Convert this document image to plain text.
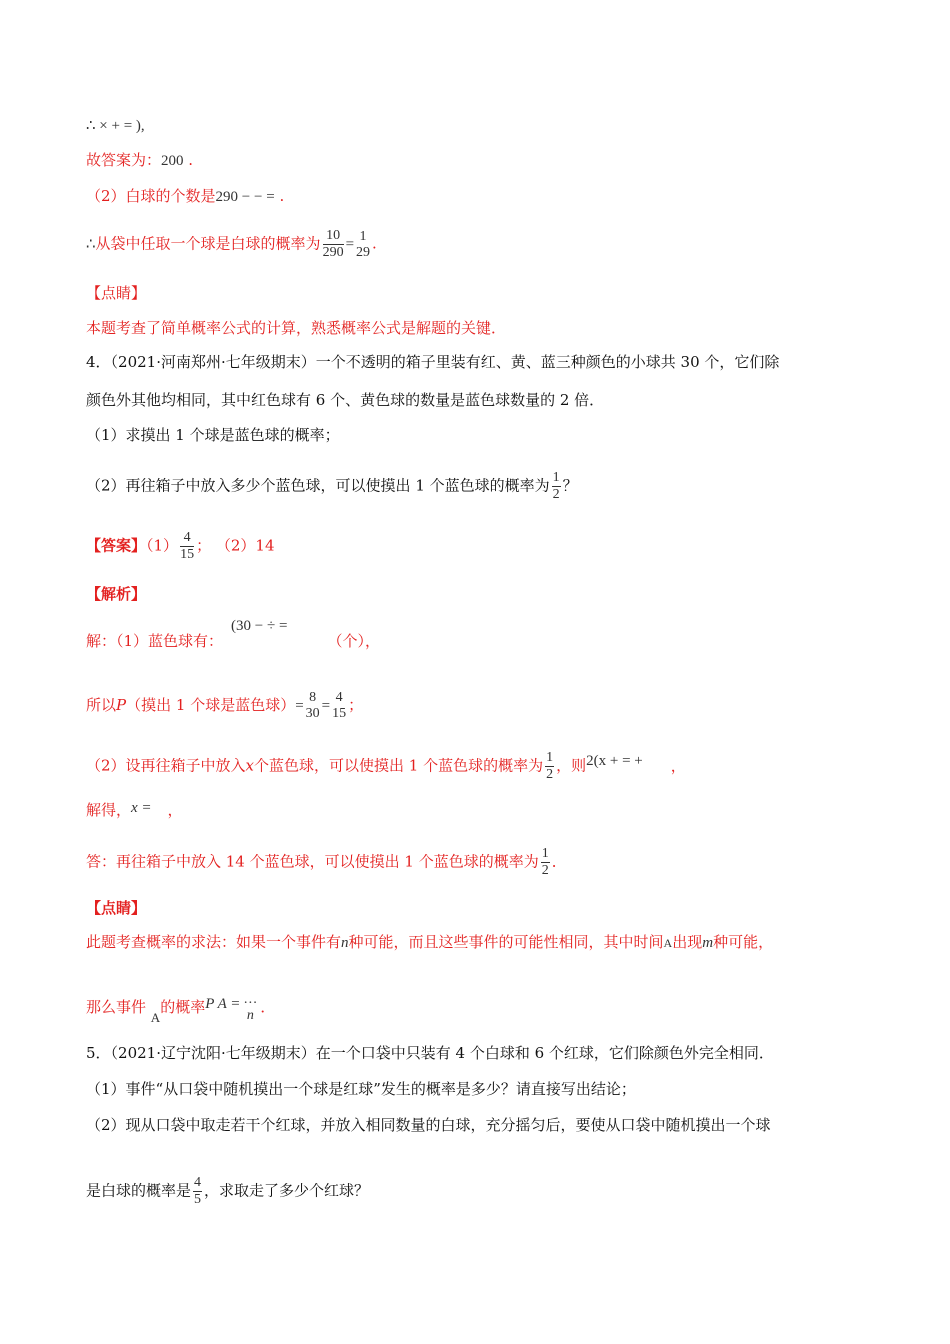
∴ × + = ),
故答案为：200 .
（2）白球的个数是290 − − = .
∴从袋中任取一个球是白球的概率为 $\frac{10}{290}$ =
1
29 .
【点睛】
本题考查了简单概率公式的计算，熟悉概率公式是解题的关键．
4．（2021·河南郑州·七年级期末）一个不透明的箱子里装有红、黄、蓝三种颜色的小球共 30 个，它们除
颜色外其他均相同，其中红色球有 6 个、黄色球的数量是蓝色球数量的 2 倍．
（1）求摸出 1 个球是蓝色球的概率；
（2）再往箱子中放入多少个蓝色球，可以使摸出 1 个蓝色球的概率为 $\frac{1}{2}$ ？
【答案】$(1) \frac{4}{15}$ ； （2）14
【解析】
解：（1）蓝色球有：(30 − ÷ =（个），
所以P（摸出 1 个球是蓝色球）=
8
30 =
4
15 ；
（2）设再往箱子中放入x个蓝色球，可以使摸出 1 个蓝色球的概率为 $\frac{1}{2}$ ，则2(x + = + ，
解得，x = ，
答：再往箱子中放入 14 个蓝色球，可以使摸出 1 个蓝色球的概率为 $\frac{1}{2}$ ．
【点睛】
此题考查概率的求法：如果一个事件有n种可能，而且这些事件的可能性相同，其中时间A出现m种可能，
那么事件 A的概率P A = …
n ．
5．（2021·辽宁沈阳·七年级期末）在一个口袋中只装有 4 个白球和 6 个红球，它们除颜色外完全相同．
（1）事件“从口袋中随机摸出一个球是红球”发生的概率是多少？请直接写出结论；
（2）现从口袋中取走若干个红球，并放入相同数量的白球，充分摇匀后，要使从口袋中随机摸出一个球
是白球的概率是 $\frac{4}{5}$ ，求取走了多少个红球？
